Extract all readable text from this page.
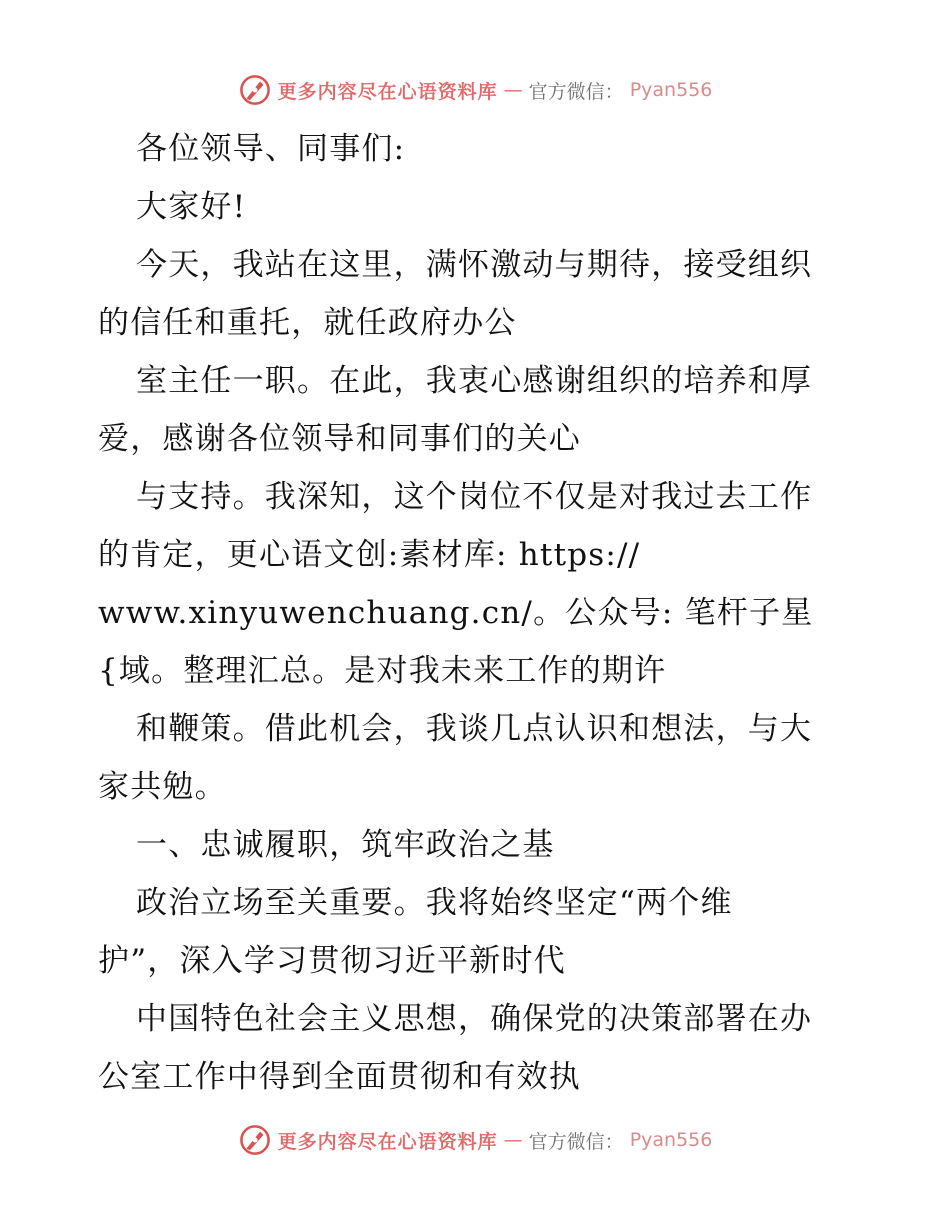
更多内容尽在心语资料库 — 官方微信： Pyan556
各位领导、同事们:
大家好!
今天，我站在这里，满怀激动与期待，接受组织
的信任和重托，就任政府办公
室主任一职。在此，我衷心感谢组织的培养和厚
爱，感谢各位领导和同事们的关心
与支持。我深知，这个岗位不仅是对我过去工作
的肯定，更心语文创:素材库: https://
www.xinyuwenchuang.cn/。公众号: 笔杆子星
{域。整理汇总。是对我未来工作的期许
和鞭策。借此机会，我谈几点认识和想法，与大
家共勉。
一、忠诚履职，筑牢政治之基
政治立场至关重要。我将始终坚定“两个维
护”，深入学习贯彻习近平新时代
中国特色社会主义思想，确保党的决策部署在办
公室工作中得到全面贯彻和有效执
更多内容尽在心语资料库 — 官方微信： Pyan556
